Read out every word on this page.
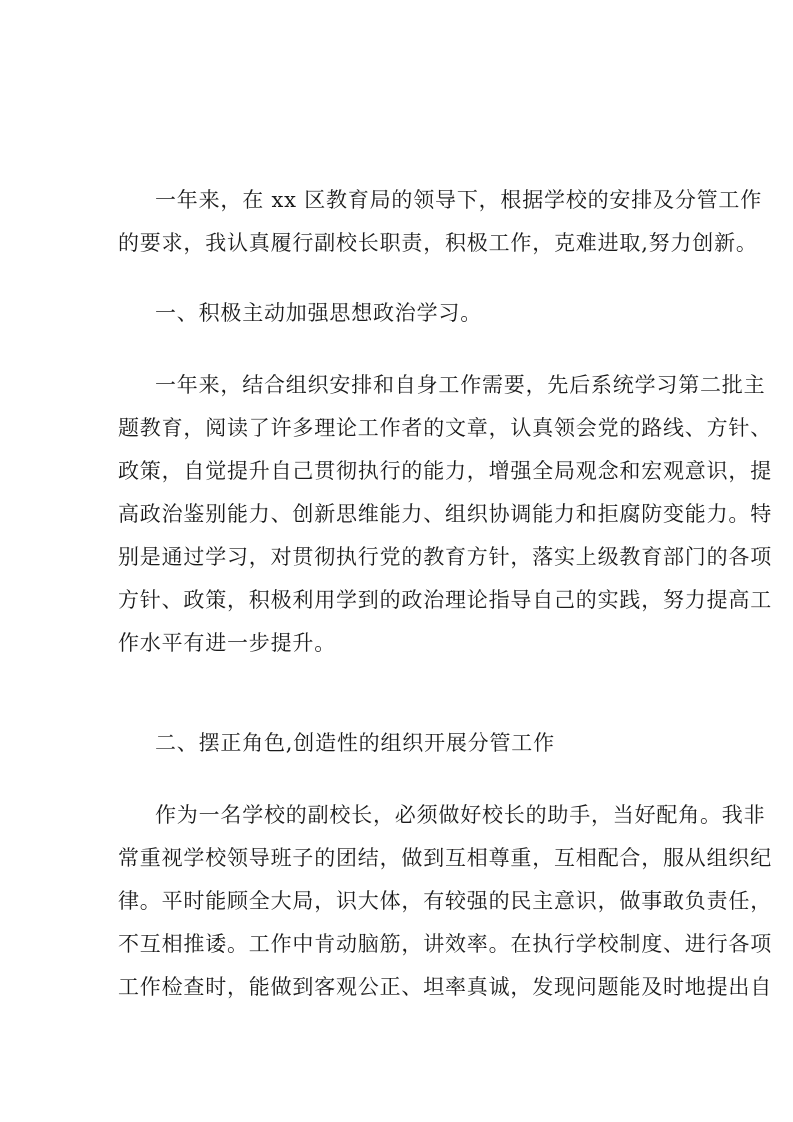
一年来，在 xx 区教育局的领导下，根据学校的安排及分管工作
的要求，我认真履行副校长职责，积极工作，克难进取,努力创新。
一、积极主动加强思想政治学习。
一年来，结合组织安排和自身工作需要，先后系统学习第二批主
题教育，阅读了许多理论工作者的文章，认真领会党的路线、方针、
政策，自觉提升自己贯彻执行的能力，增强全局观念和宏观意识，提
高政治鉴别能力、创新思维能力、组织协调能力和拒腐防变能力。特
别是通过学习，对贯彻执行党的教育方针，落实上级教育部门的各项
方针、政策，积极利用学到的政治理论指导自己的实践，努力提高工
作水平有进一步提升。
二、摆正角色,创造性的组织开展分管工作
作为一名学校的副校长，必须做好校长的助手，当好配角。我非
常重视学校领导班子的团结，做到互相尊重，互相配合，服从组织纪
律。平时能顾全大局，识大体，有较强的民主意识，做事敢负责任，
不互相推诿。工作中肯动脑筋，讲效率。在执行学校制度、进行各项
工作检查时，能做到客观公正、坦率真诚，发现问题能及时地提出自
